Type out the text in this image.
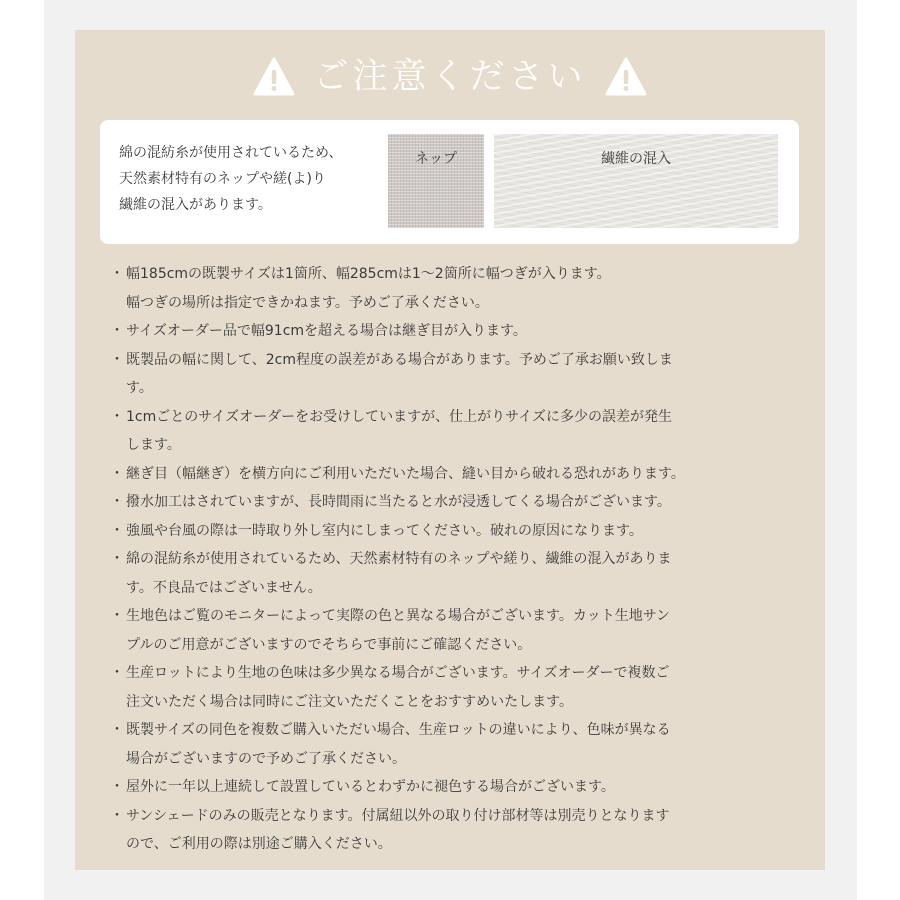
ご注意ください
綿の混紡糸が使用されているため、
天然素材特有のネップや縒(よ)り
繊維の混入があります。
ネップ	繊維の混入
・ 幅185cmの既製サイズは1箇所、幅285cmは1〜2箇所に幅つぎが入ります。
幅つぎの場所は指定できかねます。予めご了承ください。
・ サイズオーダー品で幅91cmを超える場合は継ぎ目が入ります。
・ 既製品の幅に関して、2cm程度の誤差がある場合があります。予めご了承お願い致しま
す。
・ 1cmごとのサイズオーダーをお受けしていますが、仕上がりサイズに多少の誤差が発生
します。
・ 継ぎ目（幅継ぎ）を横方向にご利用いただいた場合、縫い目から破れる恐れがあります。
・ 撥水加工はされていますが、長時間雨に当たると水が浸透してくる場合がございます。
・ 強風や台風の際は一時取り外し室内にしまってください。破れの原因になります。
・ 綿の混紡糸が使用されているため、天然素材特有のネップや縒り、繊維の混入がありま
す。不良品ではございません。
・ 生地色はご覧のモニターによって実際の色と異なる場合がございます。カット生地サン
プルのご用意がございますのでそちらで事前にご確認ください。
・ 生産ロットにより生地の色味は多少異なる場合がございます。サイズオーダーで複数ご
注文いただく場合は同時にご注文いただくことをおすすめいたします。
・ 既製サイズの同色を複数ご購入いただい場合、生産ロットの違いにより、色味が異なる
場合がございますので予めご了承ください。
・ 屋外に一年以上連続して設置しているとわずかに褪色する場合がございます。
・ サンシェードのみの販売となります。付属紐以外の取り付け部材等は別売りとなります
ので、ご利用の際は別途ご購入ください。
